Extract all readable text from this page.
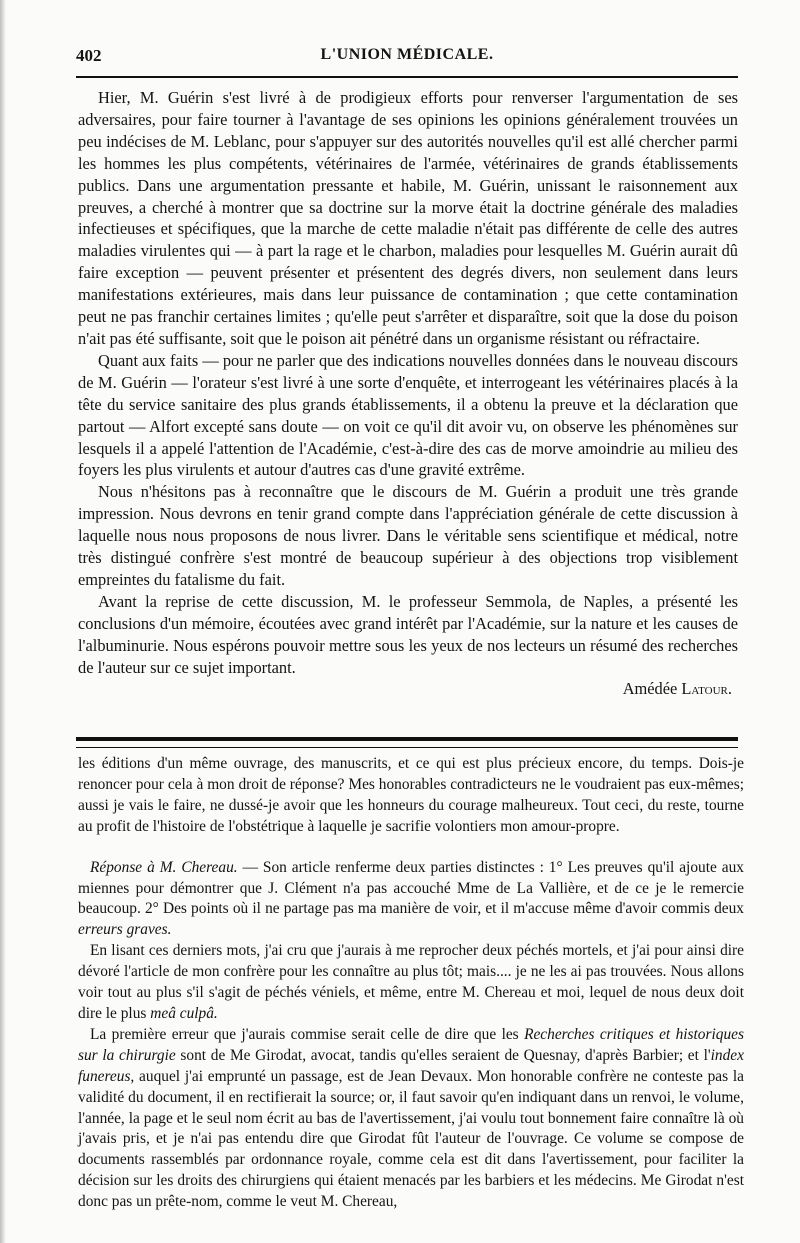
402	L'UNION MÉDICALE.

Hier, M. Guérin s'est livré à de prodigieux efforts pour renverser l'argumentation de ses adversaires, pour faire tourner à l'avantage de ses opinions les opinions généralement trouvées un peu indécises de M. Leblanc, pour s'appuyer sur des autorités nouvelles qu'il est allé chercher parmi les hommes les plus compétents, vétérinaires de l'armée, vétérinaires de grands établissements publics. Dans une argumentation pressante et habile, M. Guérin, unissant le raisonnement aux preuves, a cherché à montrer que sa doctrine sur la morve était la doctrine générale des maladies infectieuses et spécifiques, que la marche de cette maladie n'était pas différente de celle des autres maladies virulentes qui — à part la rage et le charbon, maladies pour lesquelles M. Guérin aurait dû faire exception — peuvent présenter et présentent des degrés divers, non seulement dans leurs manifestations extérieures, mais dans leur puissance de contamination ; que cette contamination peut ne pas franchir certaines limites ; qu'elle peut s'arrêter et disparaître, soit que la dose du poison n'ait pas été suffisante, soit que le poison ait pénétré dans un organisme résistant ou réfractaire.

Quant aux faits — pour ne parler que des indications nouvelles données dans le nouveau discours de M. Guérin — l'orateur s'est livré à une sorte d'enquête, et interrogeant les vétérinaires placés à la tête du service sanitaire des plus grands établissements, il a obtenu la preuve et la déclaration que partout — Alfort excepté sans doute — on voit ce qu'il dit avoir vu, on observe les phénomènes sur lesquels il a appelé l'attention de l'Académie, c'est-à-dire des cas de morve amoindrie au milieu des foyers les plus virulents et autour d'autres cas d'une gravité extrême.

Nous n'hésitons pas à reconnaître que le discours de M. Guérin a produit une très grande impression. Nous devrons en tenir grand compte dans l'appréciation générale de cette discussion à laquelle nous nous proposons de nous livrer. Dans le véritable sens scientifique et médical, notre très distingué confrère s'est montré de beaucoup supérieur à des objections trop visiblement empreintes du fatalisme du fait.

Avant la reprise de cette discussion, M. le professeur Semmola, de Naples, a présenté les conclusions d'un mémoire, écoutées avec grand intérêt par l'Académie, sur la nature et les causes de l'albuminurie. Nous espérons pouvoir mettre sous les yeux de nos lecteurs un résumé des recherches de l'auteur sur ce sujet important.

Amédée Latour.

les éditions d'un même ouvrage, des manuscrits, et ce qui est plus précieux encore, du temps. Dois-je renoncer pour cela à mon droit de réponse? Mes honorables contradicteurs ne le voudraient pas eux-mêmes; aussi je vais le faire, ne dussé-je avoir que les honneurs du courage malheureux. Tout ceci, du reste, tourne au profit de l'histoire de l'obstétrique à laquelle je sacrifie volontiers mon amour-propre.

Réponse à M. Chereau. — Son article renferme deux parties distinctes : 1° Les preuves qu'il ajoute aux miennes pour démontrer que J. Clément n'a pas accouché Mme de La Vallière, et de ce je le remercie beaucoup. 2° Des points où il ne partage pas ma manière de voir, et il m'accuse même d'avoir commis deux erreurs graves.

En lisant ces derniers mots, j'ai cru que j'aurais à me reprocher deux péchés mortels, et j'ai pour ainsi dire dévoré l'article de mon confrère pour les connaître au plus tôt; mais.... je ne les ai pas trouvées. Nous allons voir tout au plus s'il s'agit de péchés véniels, et même, entre M. Chereau et moi, lequel de nous deux doit dire le plus meâ culpâ.

La première erreur que j'aurais commise serait celle de dire que les Recherches critiques et historiques sur la chirurgie sont de Me Girodat, avocat, tandis qu'elles seraient de Quesnay, d'après Barbier; et l'index funereus, auquel j'ai emprunté un passage, est de Jean Devaux. Mon honorable confrère ne conteste pas la validité du document, il en rectifierait la source; or, il faut savoir qu'en indiquant dans un renvoi, le volume, l'année, la page et le seul nom écrit au bas de l'avertissement, j'ai voulu tout bonnement faire connaître là où j'avais pris, et je n'ai pas entendu dire que Girodat fût l'auteur de l'ouvrage. Ce volume se compose de documents rassemblés par ordonnance royale, comme cela est dit dans l'avertissement, pour faciliter la décision sur les droits des chirurgiens qui étaient menacés par les barbiers et les médecins. Me Girodat n'est donc pas un prête-nom, comme le veut M. Chereau,
